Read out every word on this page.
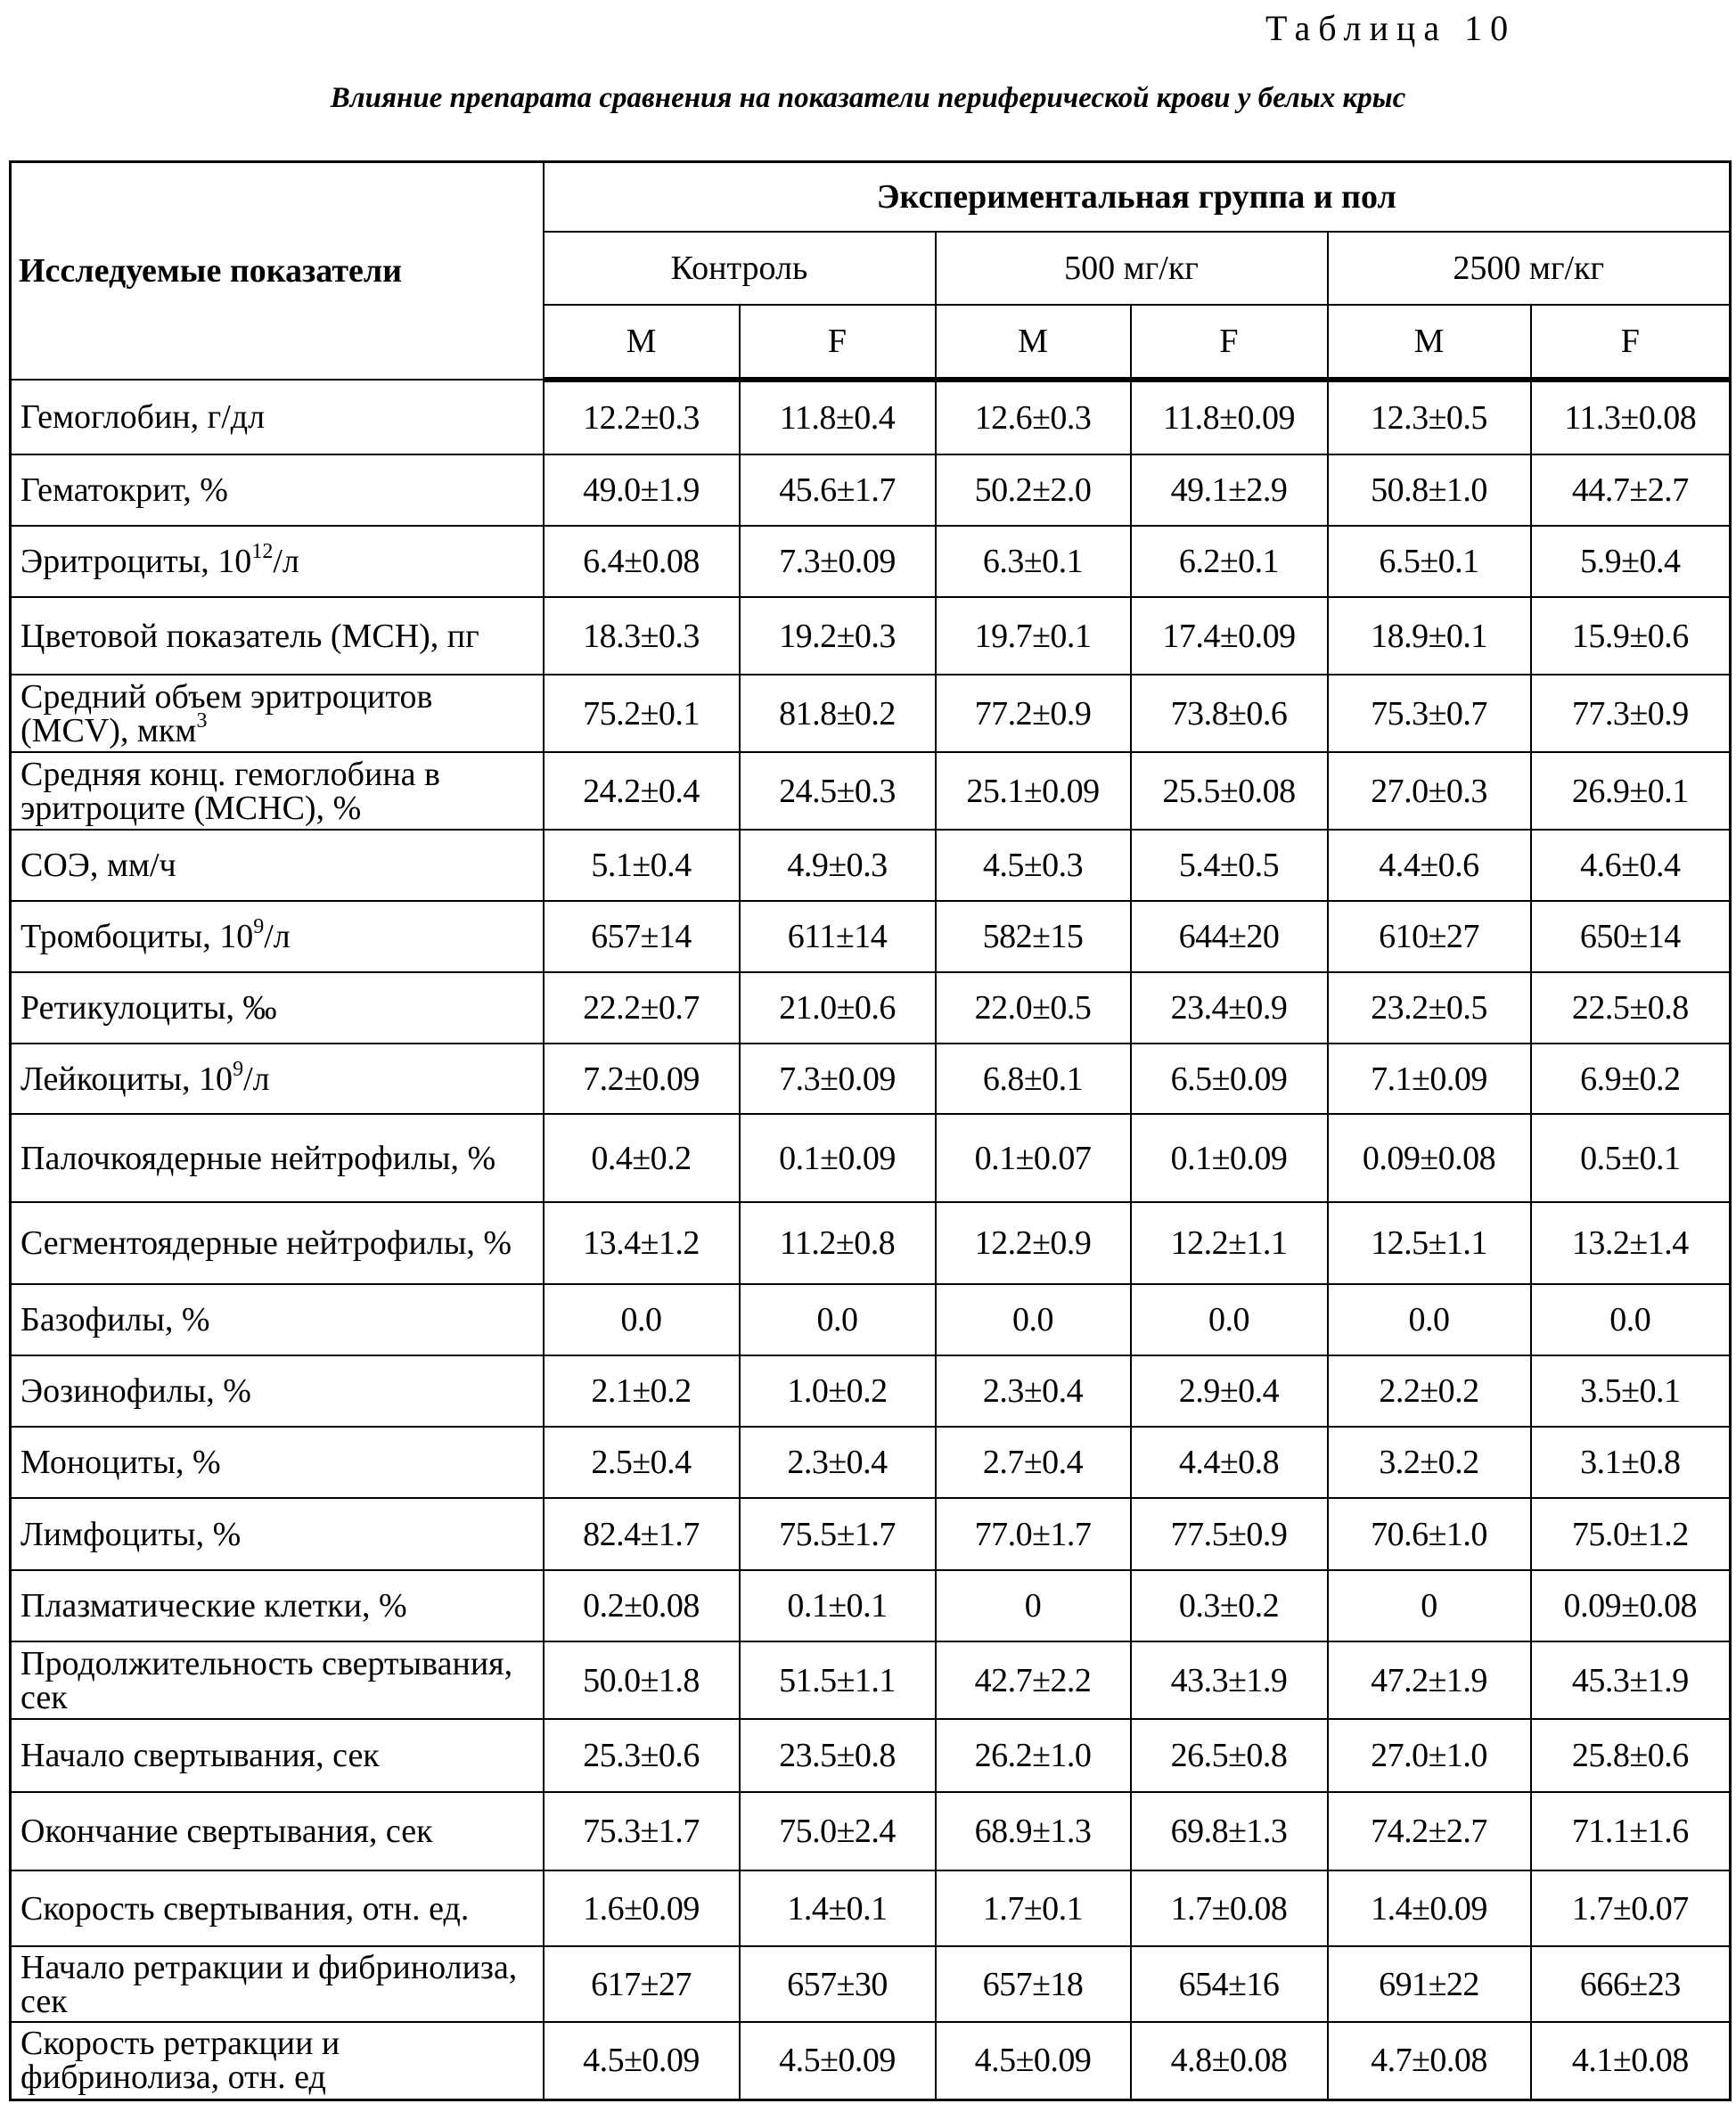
Таблица 10
Влияние препарата сравнения на показатели периферической крови у белых крыс
Исследуемые показатели	Экспериментальная группа и пол
Контроль	500 мг/кг	2500 мг/кг
M	F	M	F	M	F
Гемоглобин, г/дл	12.2±0.3	11.8±0.4	12.6±0.3	11.8±0.09	12.3±0.5	11.3±0.08
Гематокрит, %	49.0±1.9	45.6±1.7	50.2±2.0	49.1±2.9	50.8±1.0	44.7±2.7
Эритроциты, 1012/л	6.4±0.08	7.3±0.09	6.3±0.1	6.2±0.1	6.5±0.1	5.9±0.4
Цветовой показатель (MCH), пг	18.3±0.3	19.2±0.3	19.7±0.1	17.4±0.09	18.9±0.1	15.9±0.6
Средний объем эритроцитов (MCV), мкм3	75.2±0.1	81.8±0.2	77.2±0.9	73.8±0.6	75.3±0.7	77.3±0.9
Средняя конц. гемоглобина в эритроците (MCHC), %	24.2±0.4	24.5±0.3	25.1±0.09	25.5±0.08	27.0±0.3	26.9±0.1
СОЭ, мм/ч	5.1±0.4	4.9±0.3	4.5±0.3	5.4±0.5	4.4±0.6	4.6±0.4
Тромбоциты, 109/л	657±14	611±14	582±15	644±20	610±27	650±14
Ретикулоциты, ‰	22.2±0.7	21.0±0.6	22.0±0.5	23.4±0.9	23.2±0.5	22.5±0.8
Лейкоциты, 109/л	7.2±0.09	7.3±0.09	6.8±0.1	6.5±0.09	7.1±0.09	6.9±0.2
Палочкоядерные нейтрофилы, %	0.4±0.2	0.1±0.09	0.1±0.07	0.1±0.09	0.09±0.08	0.5±0.1
Сегментоядерные нейтрофилы, %	13.4±1.2	11.2±0.8	12.2±0.9	12.2±1.1	12.5±1.1	13.2±1.4
Базофилы, %	0.0	0.0	0.0	0.0	0.0	0.0
Эозинофилы, %	2.1±0.2	1.0±0.2	2.3±0.4	2.9±0.4	2.2±0.2	3.5±0.1
Моноциты, %	2.5±0.4	2.3±0.4	2.7±0.4	4.4±0.8	3.2±0.2	3.1±0.8
Лимфоциты, %	82.4±1.7	75.5±1.7	77.0±1.7	77.5±0.9	70.6±1.0	75.0±1.2
Плазматические клетки, %	0.2±0.08	0.1±0.1	0	0.3±0.2	0	0.09±0.08
Продолжительность свертывания, сек	50.0±1.8	51.5±1.1	42.7±2.2	43.3±1.9	47.2±1.9	45.3±1.9
Начало свертывания, сек	25.3±0.6	23.5±0.8	26.2±1.0	26.5±0.8	27.0±1.0	25.8±0.6
Окончание свертывания, сек	75.3±1.7	75.0±2.4	68.9±1.3	69.8±1.3	74.2±2.7	71.1±1.6
Скорость свертывания, отн. ед.	1.6±0.09	1.4±0.1	1.7±0.1	1.7±0.08	1.4±0.09	1.7±0.07
Начало ретракции и фибринолиза, сек	617±27	657±30	657±18	654±16	691±22	666±23
Скорость ретракции и фибринолиза, отн. ед	4.5±0.09	4.5±0.09	4.5±0.09	4.8±0.08	4.7±0.08	4.1±0.08
